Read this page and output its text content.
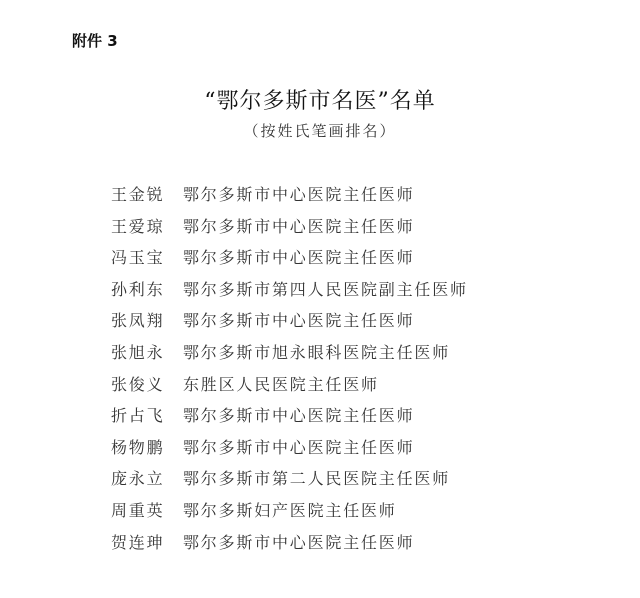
附件 3
“鄂尔多斯市名医”名单
（按姓氏笔画排名）
王金锐 鄂尔多斯市中心医院主任医师
王爱琼 鄂尔多斯市中心医院主任医师
冯玉宝 鄂尔多斯市中心医院主任医师
孙利东 鄂尔多斯市第四人民医院副主任医师
张凤翔 鄂尔多斯市中心医院主任医师
张旭永 鄂尔多斯市旭永眼科医院主任医师
张俊义 东胜区人民医院主任医师
折占飞 鄂尔多斯市中心医院主任医师
杨物鹏 鄂尔多斯市中心医院主任医师
庞永立 鄂尔多斯市第二人民医院主任医师
周重英 鄂尔多斯妇产医院主任医师
贺连珅 鄂尔多斯市中心医院主任医师
